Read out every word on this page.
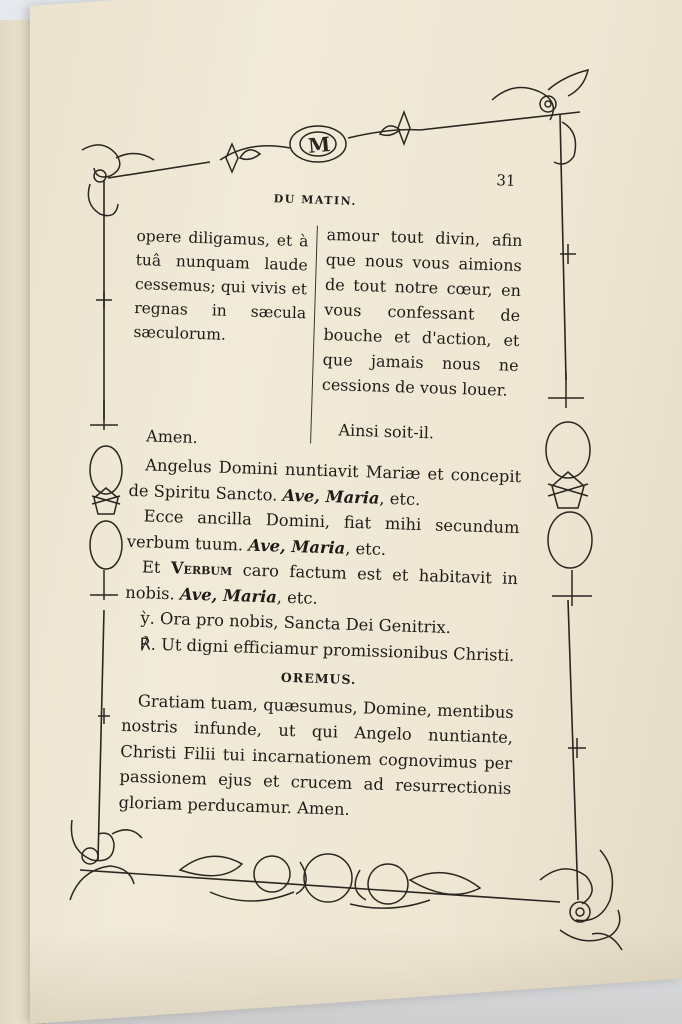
M
DU MATIN.
31
opere diligamus, et à tuâ nunquam laude cessemus; qui vivis et regnas in sæcula sæculorum.
amour tout divin, afin que nous vous aimions de tout notre cœur, en vous confessant de bouche et d'action, et que jamais nous ne cessions de vous louer.
Amen.	Ainsi soit-il.

Angelus Domini nuntiavit Mariæ et concepit de Spiritu Sancto. Ave, Maria, etc.

Ecce ancilla Domini, fiat mihi secundum verbum tuum. Ave, Maria, etc.

Et Verbum caro factum est et habitavit in nobis. Ave, Maria, etc.

ỳ. Ora pro nobis, Sancta Dei Genitrix.

℟. Ut digni efficiamur promissionibus Christi.

OREMUS.

Gratiam tuam, quæsumus, Domine, mentibus nostris infunde, ut qui Angelo nuntiante, Christi Filii tui incarnationem cognovimus per passionem ejus et crucem ad resurrectionis gloriam perducamur. Amen.
